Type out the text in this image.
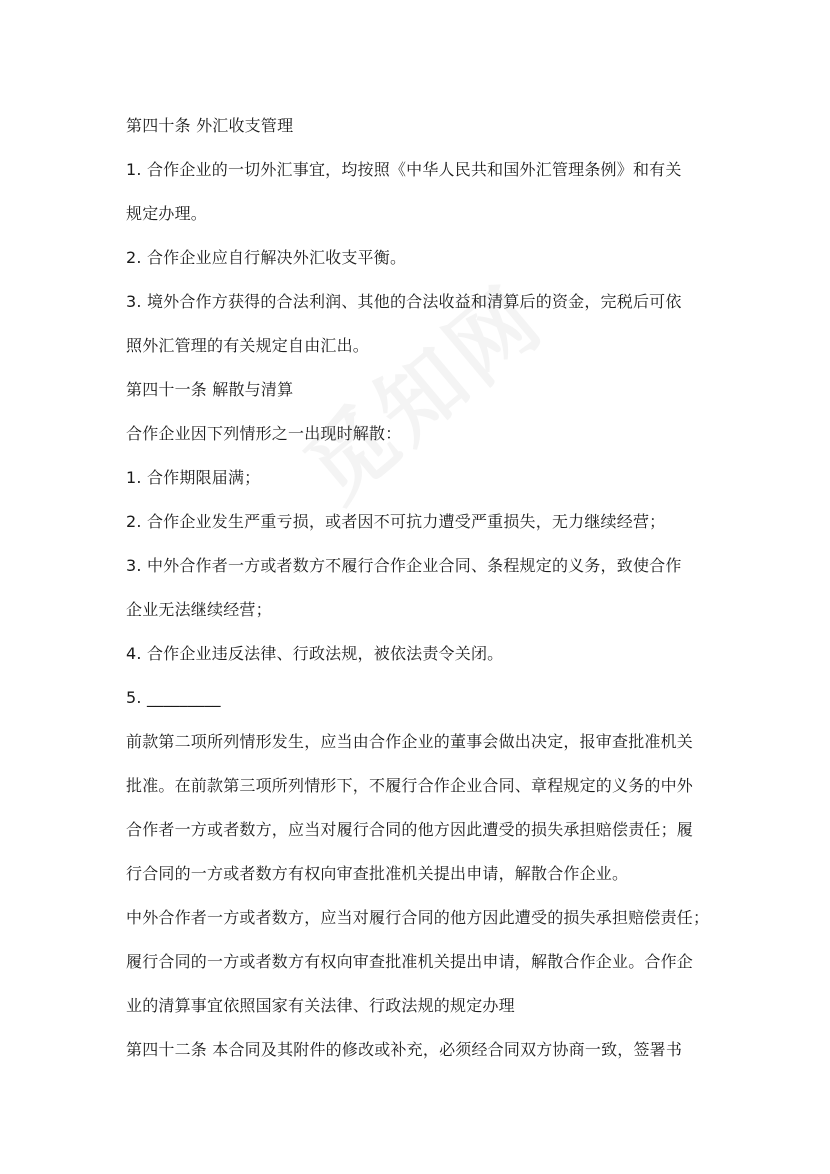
第四十条 外汇收支管理
1. 合作企业的一切外汇事宜，均按照《中华人民共和国外汇管理条例》和有关
规定办理。
2. 合作企业应自行解决外汇收支平衡。
3. 境外合作方获得的合法利润、其他的合法收益和清算后的资金，完税后可依
照外汇管理的有关规定自由汇出。
第四十一条 解散与清算
合作企业因下列情形之一出现时解散：
1. 合作期限届满；
2. 合作企业发生严重亏损，或者因不可抗力遭受严重损失，无力继续经营；
3. 中外合作者一方或者数方不履行合作企业合同、条程规定的义务，致使合作
企业无法继续经营；
4. 合作企业违反法律、行政法规，被依法责令关闭。
5. _________
前款第二项所列情形发生，应当由合作企业的董事会做出决定，报审查批准机关
批准。在前款第三项所列情形下，不履行合作企业合同、章程规定的义务的中外
合作者一方或者数方，应当对履行合同的他方因此遭受的损失承担赔偿责任；履
行合同的一方或者数方有权向审查批准机关提出申请，解散合作企业。
中外合作者一方或者数方，应当对履行合同的他方因此遭受的损失承担赔偿责任；
履行合同的一方或者数方有权向审查批准机关提出申请，解散合作企业。合作企
业的清算事宜依照国家有关法律、行政法规的规定办理
第四十二条 本合同及其附件的修改或补充，必须经合同双方协商一致，签署书
